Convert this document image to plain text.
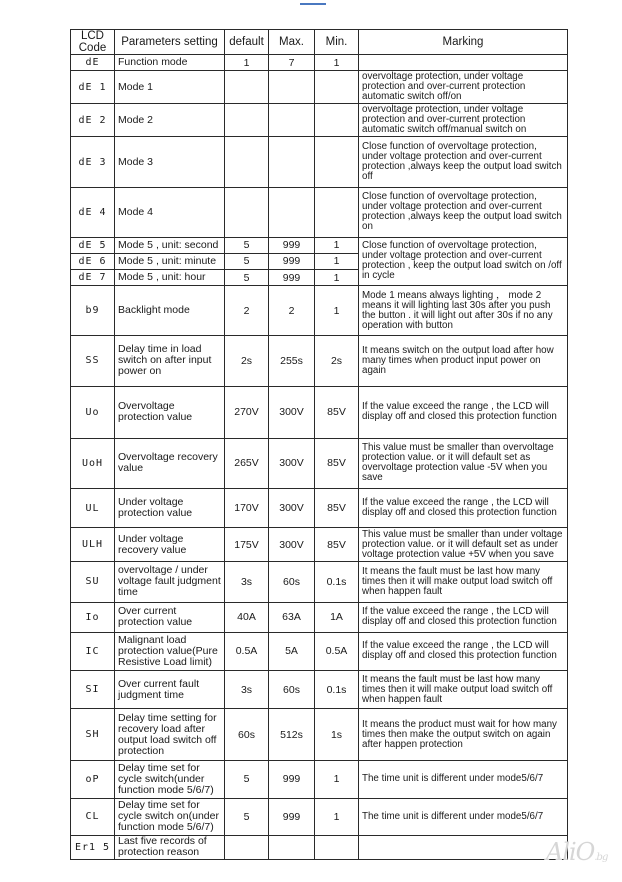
LCD Code	Parameters setting	default	Max.	Min.	Marking
dE	Function mode	1	7	1	
dE 1	Mode 1				overvoltage protection, under voltage protection and over-current protection automatic switch off/on
dE 2	Mode 2				overvoltage protection, under voltage protection and over-current protection automatic switch off/manual switch on
dE 3	Mode 3				Close function of overvoltage protection, under voltage protection and over-current protection ,always keep the output load switch off
dE 4	Mode 4				Close function of overvoltage protection, under voltage protection and over-current protection ,always keep the output load switch on
dE 5	Mode 5 , unit: second	5	999	1	Close function of overvoltage protection, under voltage protection and over-current protection , keep the output load switch on /off in cycle
dE 6	Mode 5 , unit: minute	5	999	1	
dE 7	Mode 5 , unit: hour	5	999	1	
b9	Backlight mode	2	2	1	Mode 1 means always lighting ， mode 2 means it will lighting last 30s after you push the button . it will light out after 30s if no any operation with button
SS	Delay time in load switch on after input power on	2s	255s	2s	It means switch on the output load after how many times when product input power on again
Uo	Overvoltage protection value	270V	300V	85V	If the value exceed the range , the LCD will display off and closed this protection function
UoH	Overvoltage recovery value	265V	300V	85V	This value must be smaller than overvoltage protection value. or it will default set as overvoltage protection value -5V when you save
UL	Under voltage protection value	170V	300V	85V	If the value exceed the range , the LCD will display off and closed this protection function
ULH	Under voltage recovery value	175V	300V	85V	This value must be smaller than under voltage protection value. or it will default set as under voltage protection value +5V when you save
SU	overvoltage / under voltage fault judgment time	3s	60s	0.1s	It means the fault must be last how many times then it will make output load switch off when happen fault
Io	Over current protection value	40A	63A	1A	If the value exceed the range , the LCD will display off and closed this protection function
IC	Malignant load protection value(Pure Resistive Load limit)	0.5A	5A	0.5A	If the value exceed the range , the LCD will display off and closed this protection function
SI	Over current fault judgment time	3s	60s	0.1s	It means the fault must be last how many times then it will make output load switch off when happen fault
SH	Delay time setting for recovery load after output load switch off protection	60s	512s	1s	It means the product must wait for how many times then make the output switch on again after happen protection
oP	Delay time set for cycle switch(under function mode 5/6/7)	5	999	1	The time unit is different under mode5/6/7
CL	Delay time set for cycle switch on(under function mode 5/6/7)	5	999	1	The time unit is different under mode5/6/7
Er1 5	Last five records of protection reason					AliO.bg
